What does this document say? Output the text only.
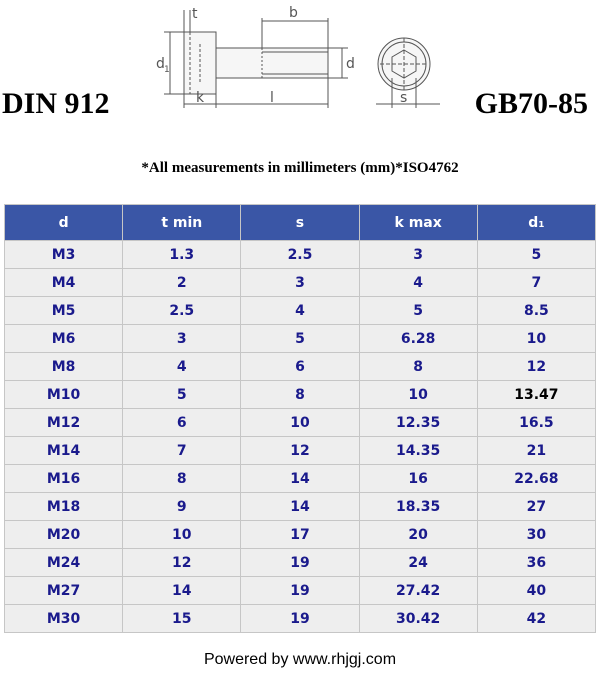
DIN 912	GB70-85
t	b
d 1	d
k	l	s
*All measurements in millimeters (mm)*ISO4762
d	t min	s	k max	d₁
M3	1.3	2.5	3	5
M4	2	3	4	7
M5	2.5	4	5	8.5
M6	3	5	6.28	10
M8	4	6	8	12
M10	5	8	10	13.47
M12	6	10	12.35	16.5
M14	7	12	14.35	21
M16	8	14	16	22.68
M18	9	14	18.35	27
M20	10	17	20	30
M24	12	19	24	36
M27	14	19	27.42	40
M30	15	19	30.42	42
Powered by www.rhjgj.com
